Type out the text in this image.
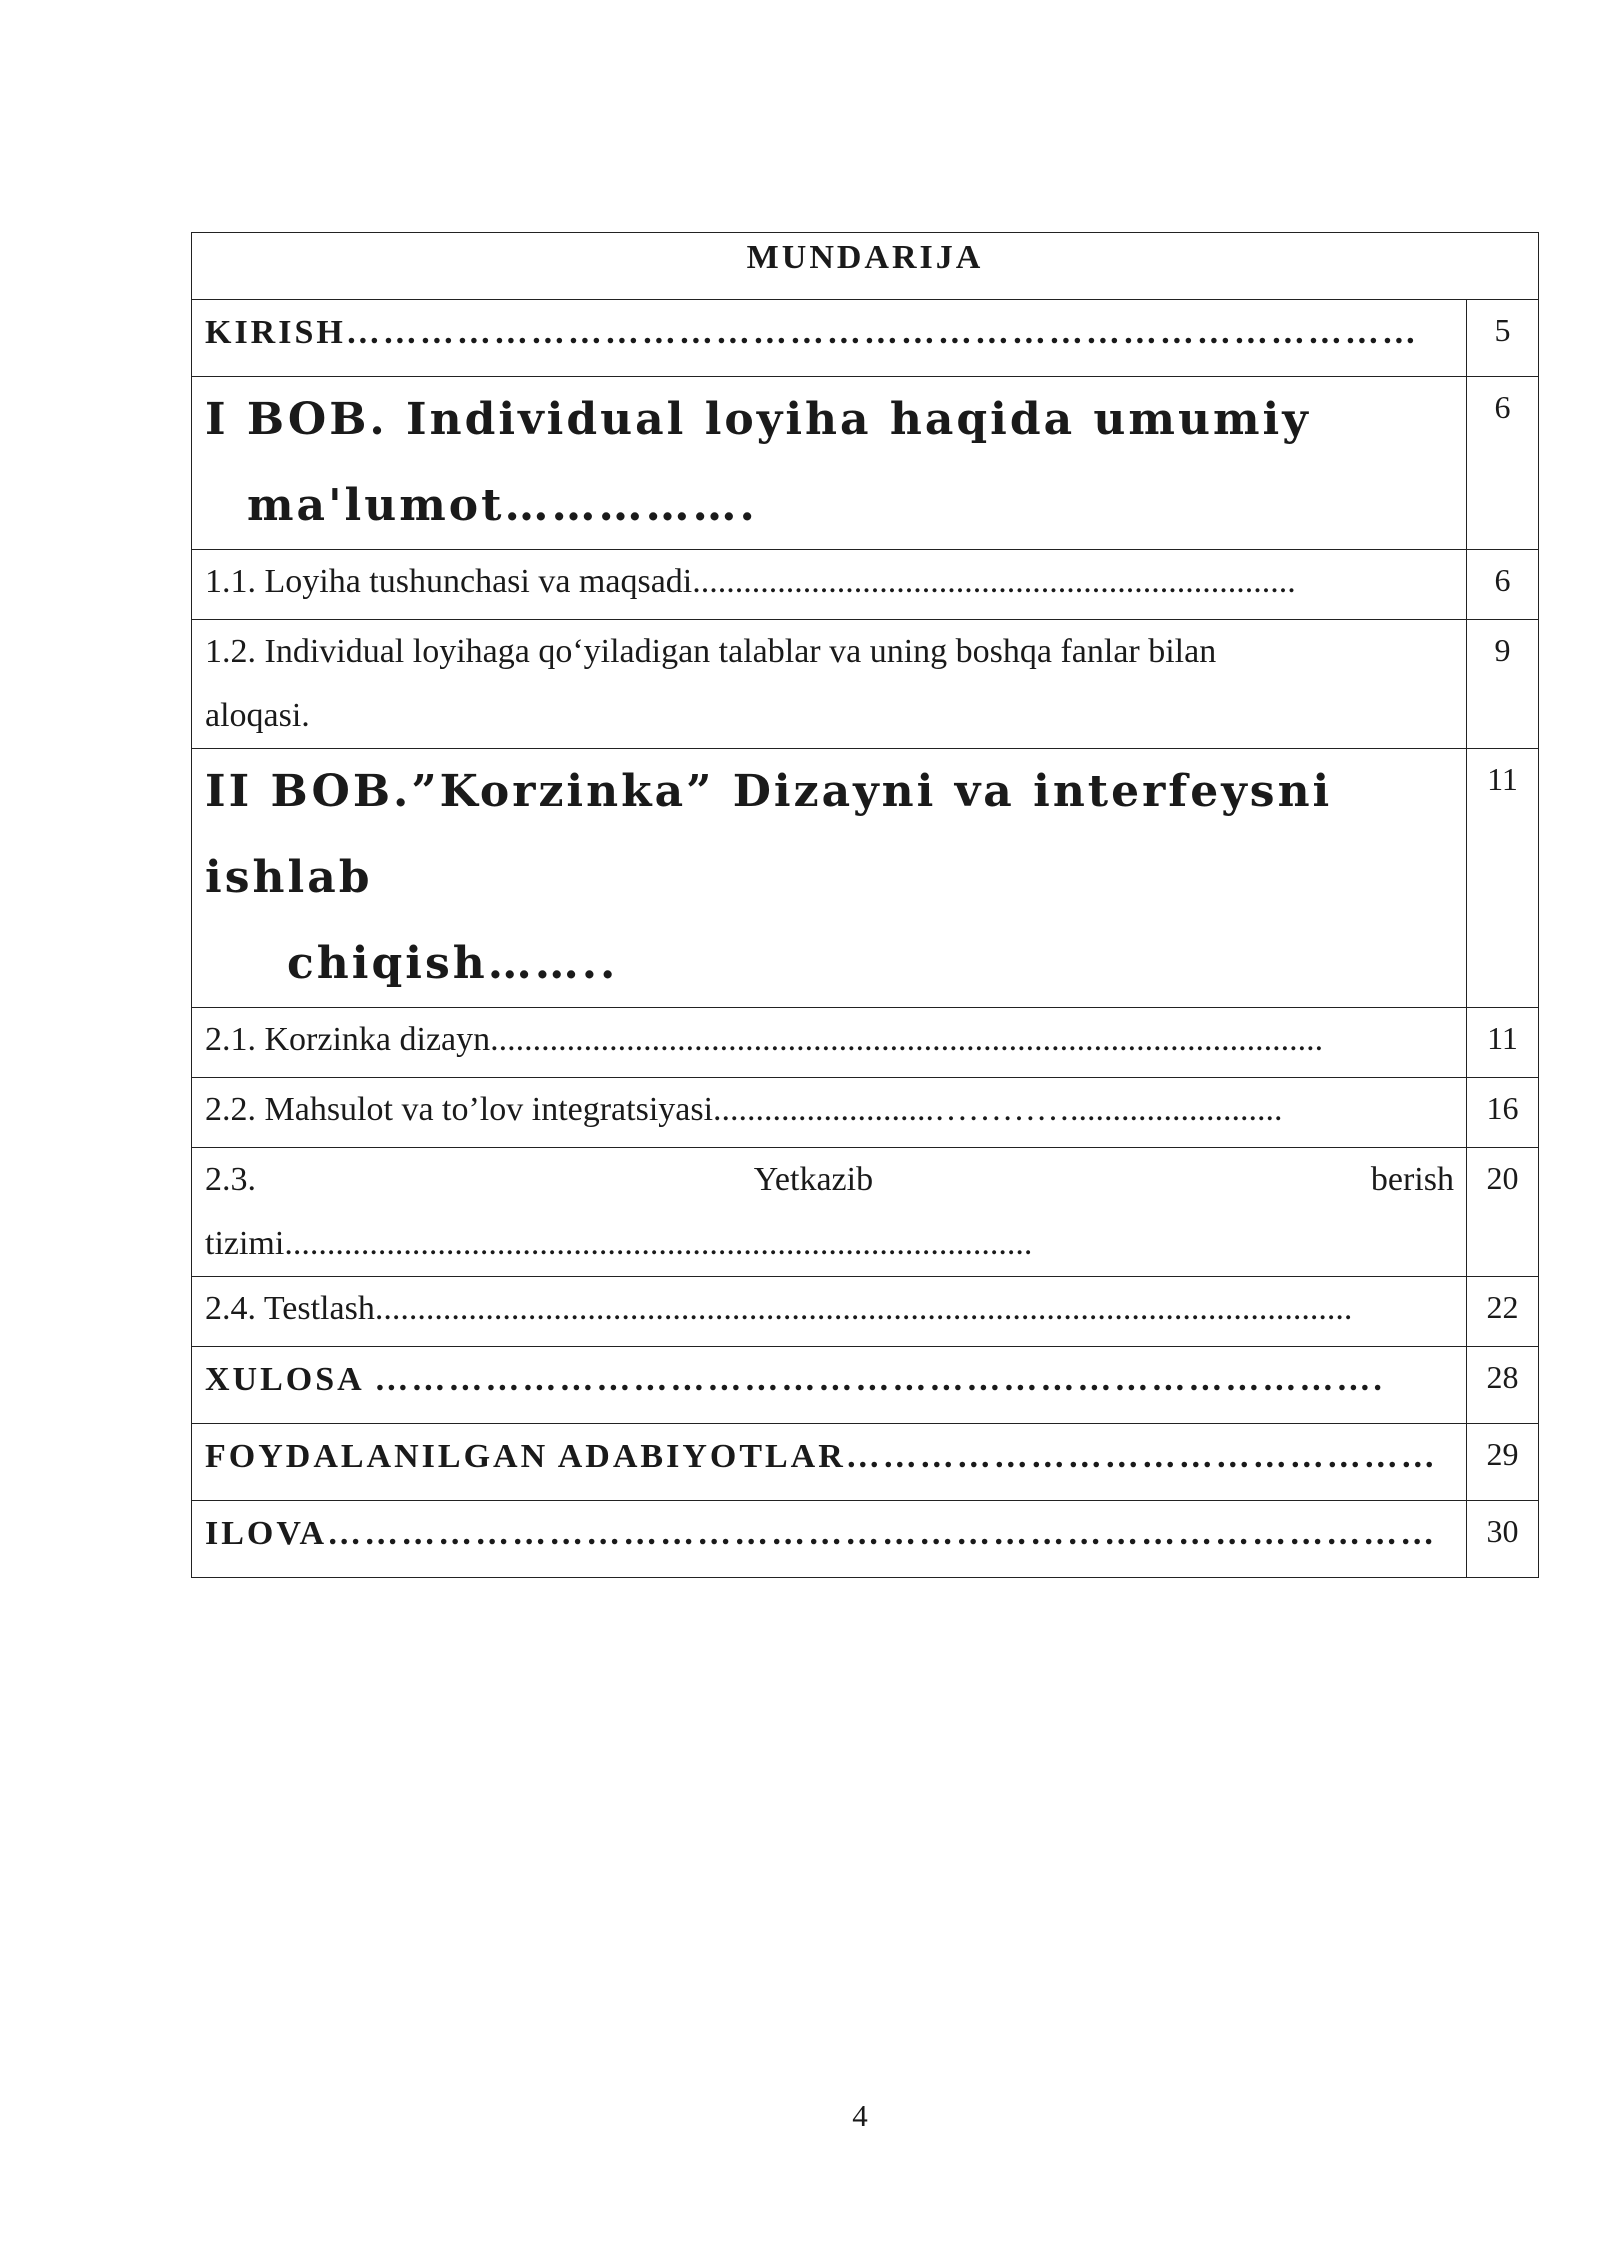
MUNDARIJA	
KIRISH……………………………………………………………………………	5

I BOB. Individual loyiha haqida umumiy
ma'lumot…………….	6
1.1. Loyiha tushunchasi va maqsadi.......................................................................	6

1.2. Individual loyihaga qo‘yiladigan talablar va uning boshqa fanlar bilan
aloqasi.	9

II BOB.”Korzinka” Dizayni va interfeysni ishlab
chiqish……..	11
2.1. Korzinka dizayn..................................................................................................	11
2.2. Mahsulot va to’lov integratsiyasi..........................………….........................	16

2.3. Yetkazib berish
tizimi........................................................................................	20
2.4. Testlash...................................................................................................................	22
XULOSA ……………………………………………………………………….	28
FOYDALANILGAN ADABIYOTLAR…………………………………………	29
ILOVA………………………………………………………………………………	30
4
